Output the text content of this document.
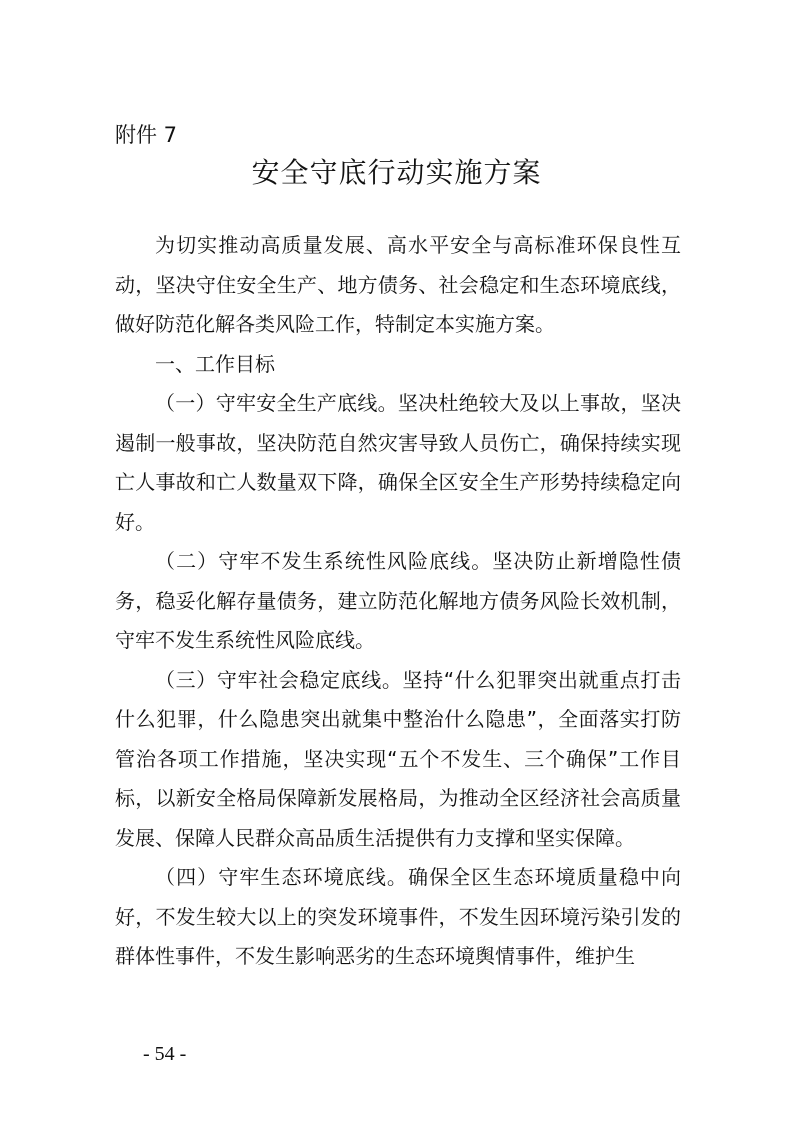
附件 7

安全守底行动实施方案

为切实推动高质量发展、高水平安全与高标准环保良性互动，坚决守住安全生产、地方债务、社会稳定和生态环境底线，做好防范化解各类风险工作，特制定本实施方案。

一、工作目标

（一）守牢安全生产底线。坚决杜绝较大及以上事故，坚决遏制一般事故，坚决防范自然灾害导致人员伤亡，确保持续实现亡人事故和亡人数量双下降，确保全区安全生产形势持续稳定向好。

（二）守牢不发生系统性风险底线。坚决防止新增隐性债务，稳妥化解存量债务，建立防范化解地方债务风险长效机制，守牢不发生系统性风险底线。

（三）守牢社会稳定底线。坚持“什么犯罪突出就重点打击什么犯罪，什么隐患突出就集中整治什么隐患”，全面落实打防管治各项工作措施，坚决实现“五个不发生、三个确保”工作目标，以新安全格局保障新发展格局，为推动全区经济社会高质量发展、保障人民群众高品质生活提供有力支撑和坚实保障。

（四）守牢生态环境底线。确保全区生态环境质量稳中向好，不发生较大以上的突发环境事件，不发生因环境污染引发的群体性事件，不发生影响恶劣的生态环境舆情事件，维护生

- 54 -
